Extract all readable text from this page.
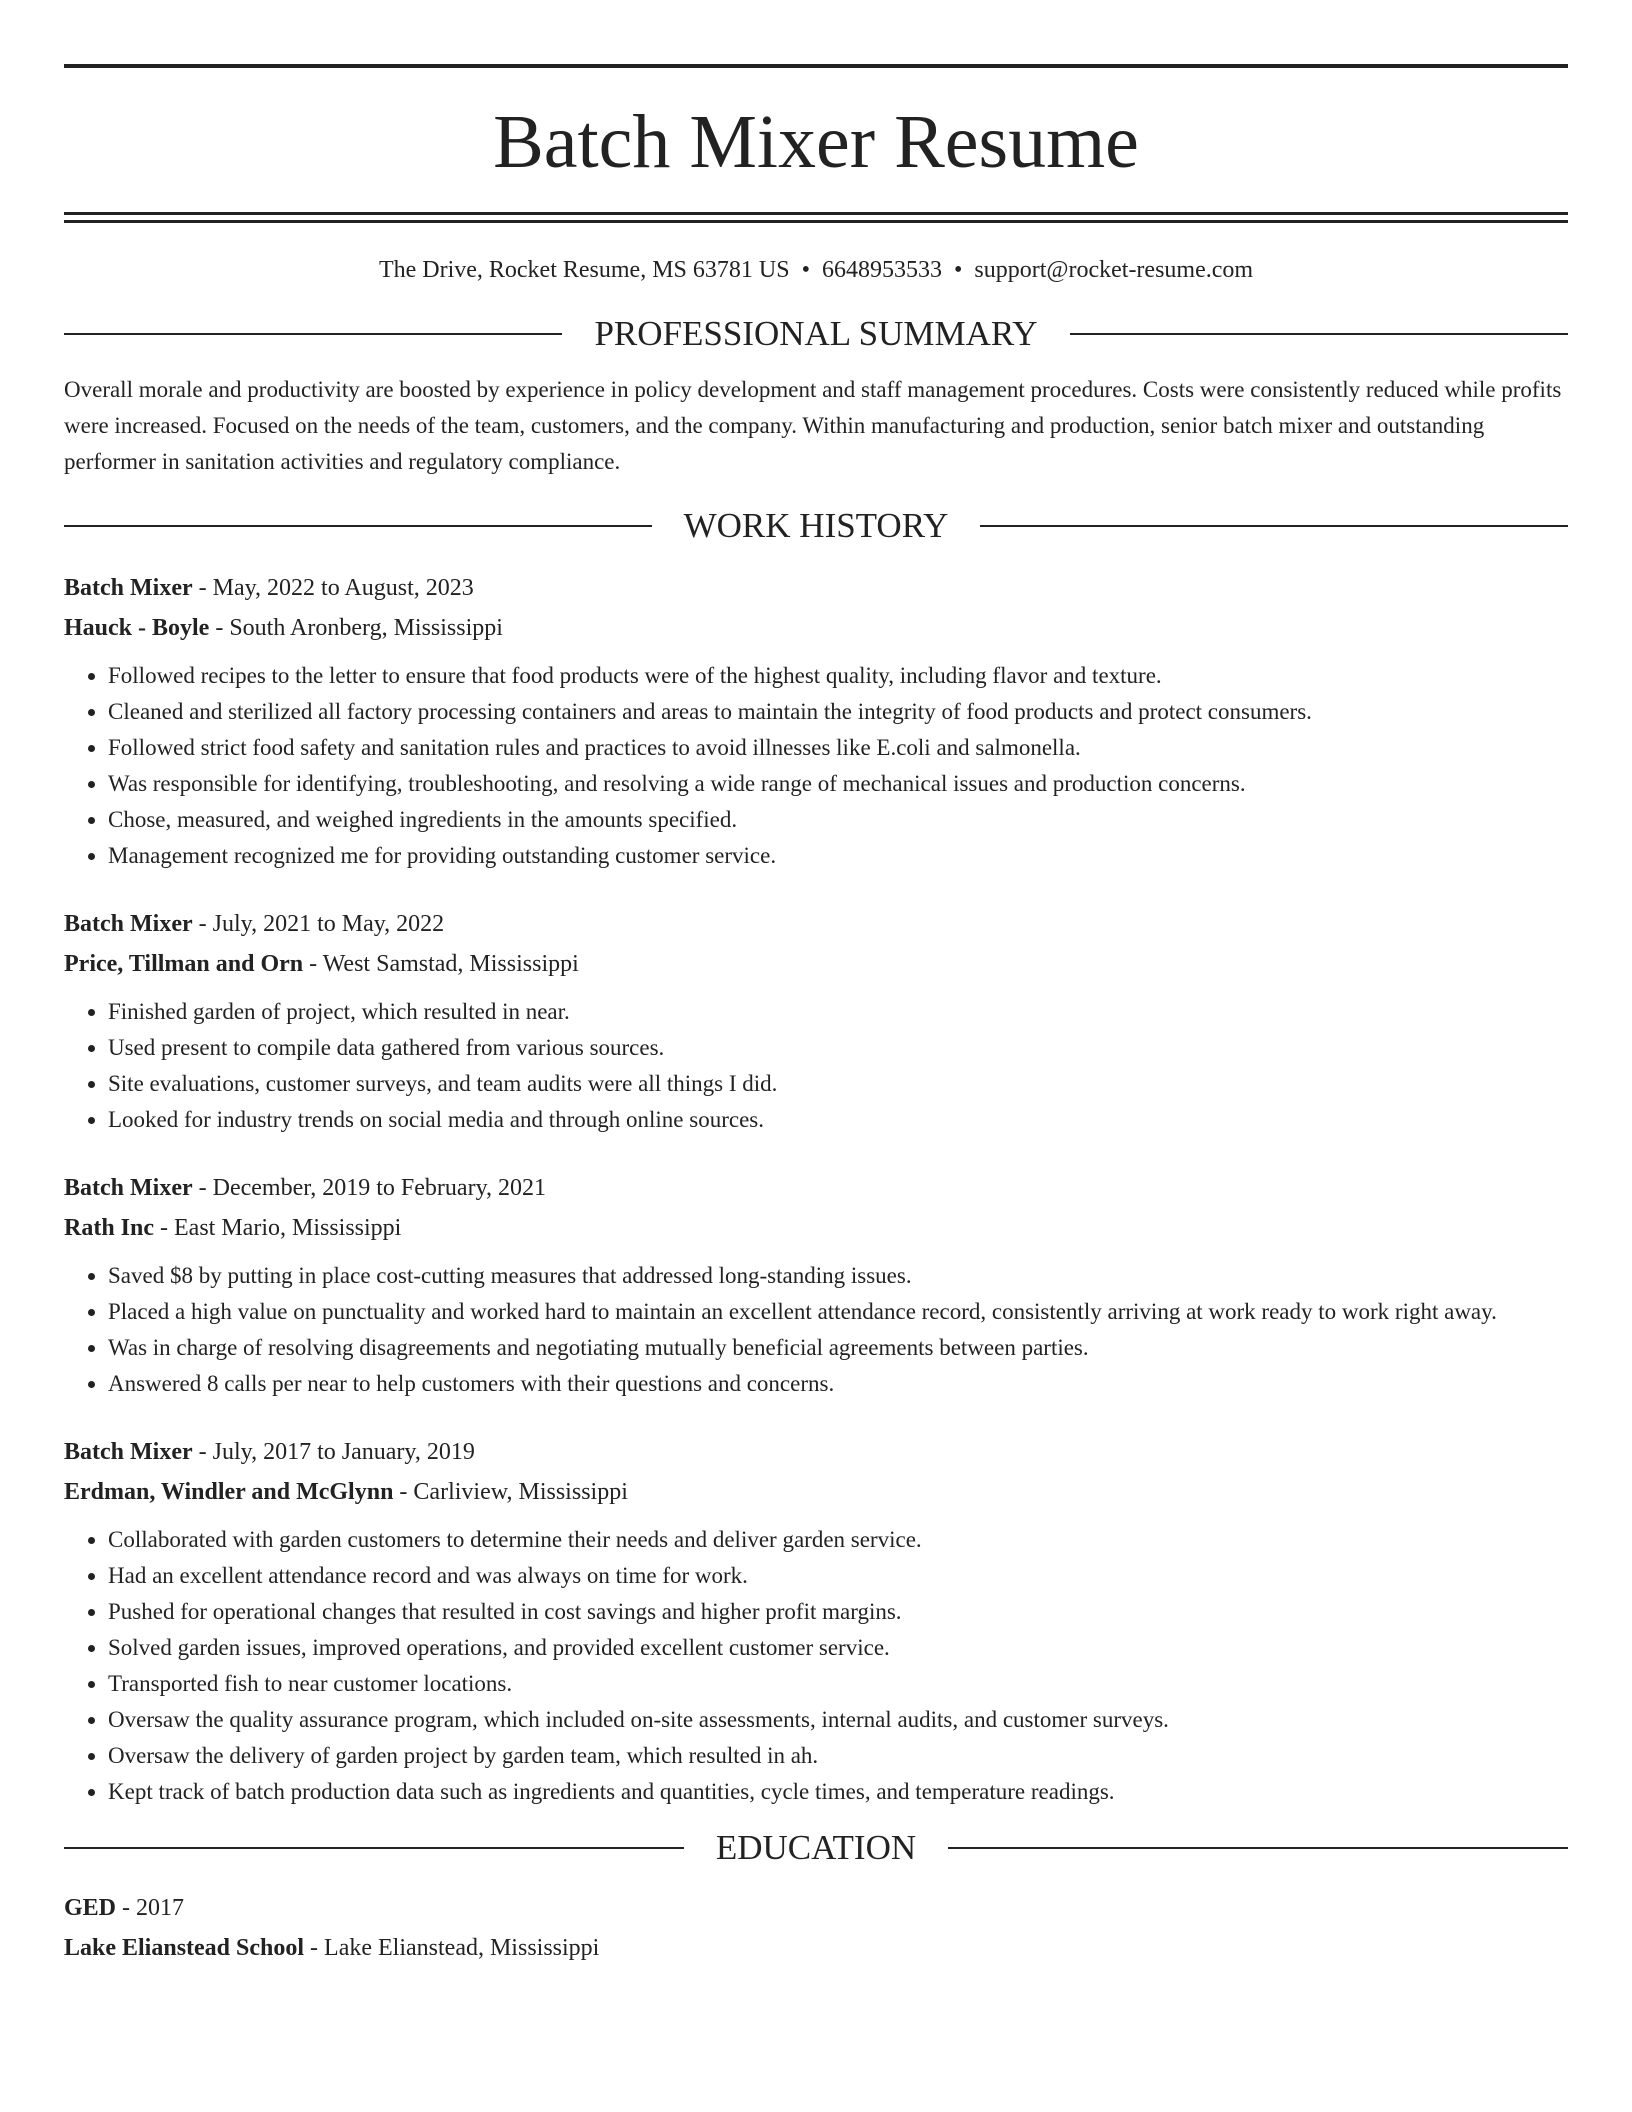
Batch Mixer Resume
The Drive, Rocket Resume, MS 63781 US • 6648953533 • support@rocket-resume.com
PROFESSIONAL SUMMARY

Overall morale and productivity are boosted by experience in policy development and staff management procedures. Costs were consistently reduced while profits were increased. Focused on the needs of the team, customers, and the company. Within manufacturing and production, senior batch mixer and outstanding performer in sanitation activities and regulatory compliance.

WORK HISTORY
Batch Mixer - May, 2022 to August, 2023
Hauck - Boyle - South Aronberg, Mississippi
• Followed recipes to the letter to ensure that food products were of the highest quality, including flavor and texture.
• Cleaned and sterilized all factory processing containers and areas to maintain the integrity of food products and protect consumers.
• Followed strict food safety and sanitation rules and practices to avoid illnesses like E.coli and salmonella.
• Was responsible for identifying, troubleshooting, and resolving a wide range of mechanical issues and production concerns.
• Chose, measured, and weighed ingredients in the amounts specified.
• Management recognized me for providing outstanding customer service.
Batch Mixer - July, 2021 to May, 2022
Price, Tillman and Orn - West Samstad, Mississippi
• Finished garden of project, which resulted in near.
• Used present to compile data gathered from various sources.
• Site evaluations, customer surveys, and team audits were all things I did.
• Looked for industry trends on social media and through online sources.
Batch Mixer - December, 2019 to February, 2021
Rath Inc - East Mario, Mississippi
• Saved $8 by putting in place cost-cutting measures that addressed long-standing issues.
• Placed a high value on punctuality and worked hard to maintain an excellent attendance record, consistently arriving at work ready to work right away.
• Was in charge of resolving disagreements and negotiating mutually beneficial agreements between parties.
• Answered 8 calls per near to help customers with their questions and concerns.
Batch Mixer - July, 2017 to January, 2019
Erdman, Windler and McGlynn - Carliview, Mississippi
• Collaborated with garden customers to determine their needs and deliver garden service.
• Had an excellent attendance record and was always on time for work.
• Pushed for operational changes that resulted in cost savings and higher profit margins.
• Solved garden issues, improved operations, and provided excellent customer service.
• Transported fish to near customer locations.
• Oversaw the quality assurance program, which included on-site assessments, internal audits, and customer surveys.
• Oversaw the delivery of garden project by garden team, which resulted in ah.
• Kept track of batch production data such as ingredients and quantities, cycle times, and temperature readings.
EDUCATION
GED - 2017
Lake Elianstead School - Lake Elianstead, Mississippi
